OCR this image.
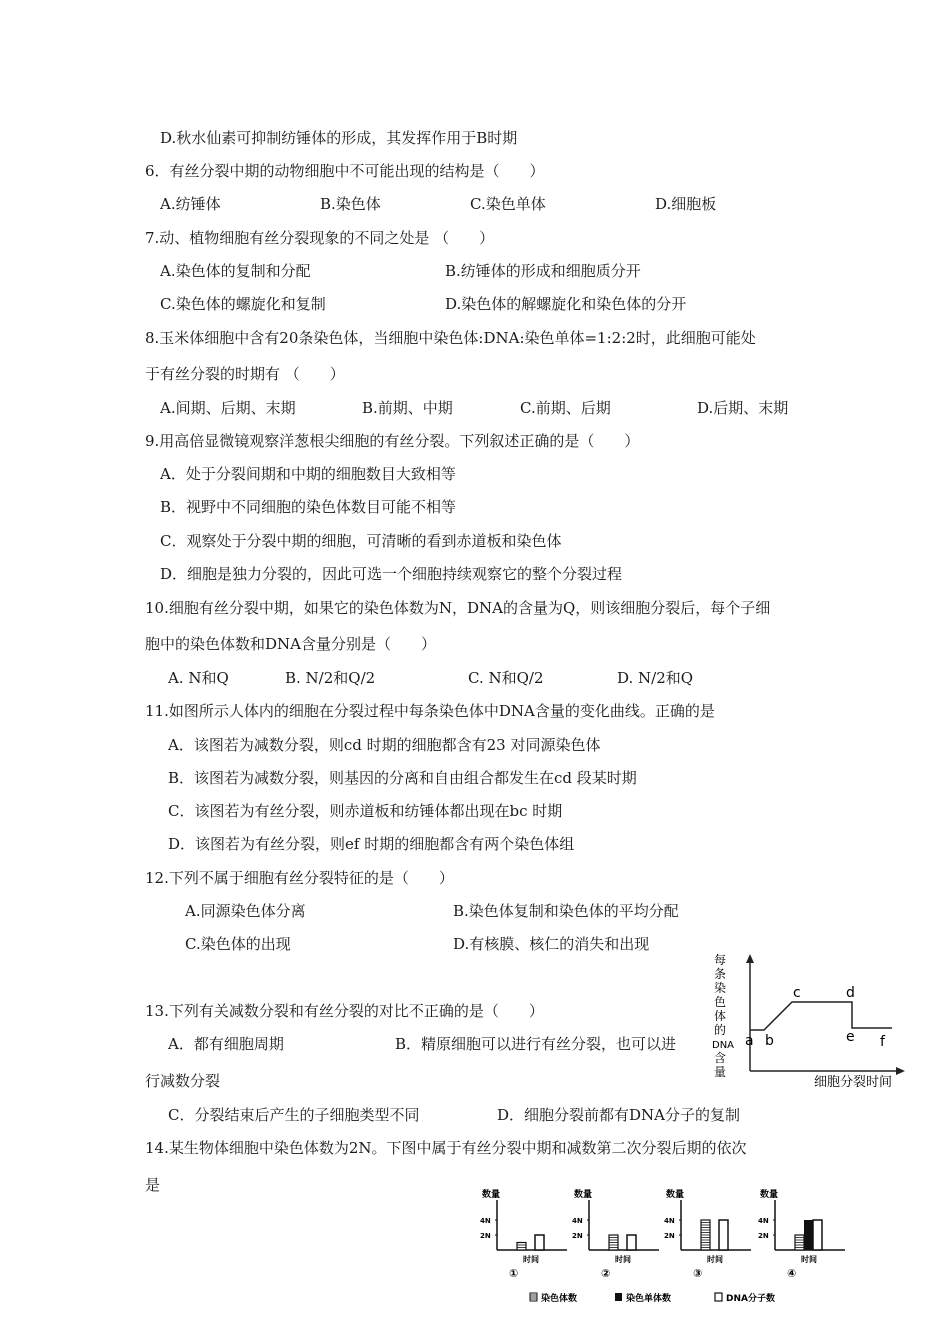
D.秋水仙素可抑制纺锤体的形成，其发挥作用于B时期
6．有丝分裂中期的动物细胞中不可能出现的结构是（　　）
A.纺锤体	B.染色体	C.染色单体	D.细胞板
7.动、植物细胞有丝分裂现象的不同之处是 （　　）
A.染色体的复制和分配	B.纺锤体的形成和细胞质分开
C.染色体的螺旋化和复制	D.染色体的解螺旋化和染色体的分开
8.玉米体细胞中含有20条染色体，当细胞中染色体:DNA:染色单体=1:2:2时，此细胞可能处
于有丝分裂的时期有 （　　）
A.间期、后期、末期	B.前期、中期	C.前期、后期	D.后期、末期
9.用高倍显微镜观察洋葱根尖细胞的有丝分裂。下列叙述正确的是（　　）
A．处于分裂间期和中期的细胞数目大致相等
B．视野中不同细胞的染色体数目可能不相等
C．观察处于分裂中期的细胞，可清晰的看到赤道板和染色体
D．细胞是独力分裂的，因此可选一个细胞持续观察它的整个分裂过程
10.细胞有丝分裂中期，如果它的染色体数为N，DNA的含量为Q，则该细胞分裂后，每个子细
胞中的染色体数和DNA含量分别是（　　）
A. N和Q	B. N/2和Q/2	C. N和Q/2	D. N/2和Q
11.如图所示人体内的细胞在分裂过程中每条染色体中DNA含量的变化曲线。正确的是
A．该图若为减数分裂，则cd 时期的细胞都含有23 对同源染色体
B．该图若为减数分裂，则基因的分离和自由组合都发生在cd 段某时期
C．该图若为有丝分裂，则赤道板和纺锤体都出现在bc 时期
D．该图若为有丝分裂，则ef 时期的细胞都含有两个染色体组
12.下列不属于细胞有丝分裂特征的是（　　）
A.同源染色体分离	B.染色体复制和染色体的平均分配
C.染色体的出现	D.有核膜、核仁的消失和出现
13.下列有关减数分裂和有丝分裂的对比不正确的是（　　）
A．都有细胞周期	B．精原细胞可以进行有丝分裂，也可以进
行减数分裂
C．分裂结束后产生的子细胞类型不同	D．细胞分裂前都有DNA分子的复制
14.某生物体细胞中染色体数为2N。下图中属于有丝分裂中期和减数第二次分裂后期的依次
是
每
条
染
色
体
的
DNA
含
量
a b
c	d
e f
细胞分裂时间
数量
4N
2N
时间
①
数量
4N
2N
时间
②
数量
4N
2N
时间
③
数量
4N
2N
时间
④
染色体数	染色单体数	DNA分子数
